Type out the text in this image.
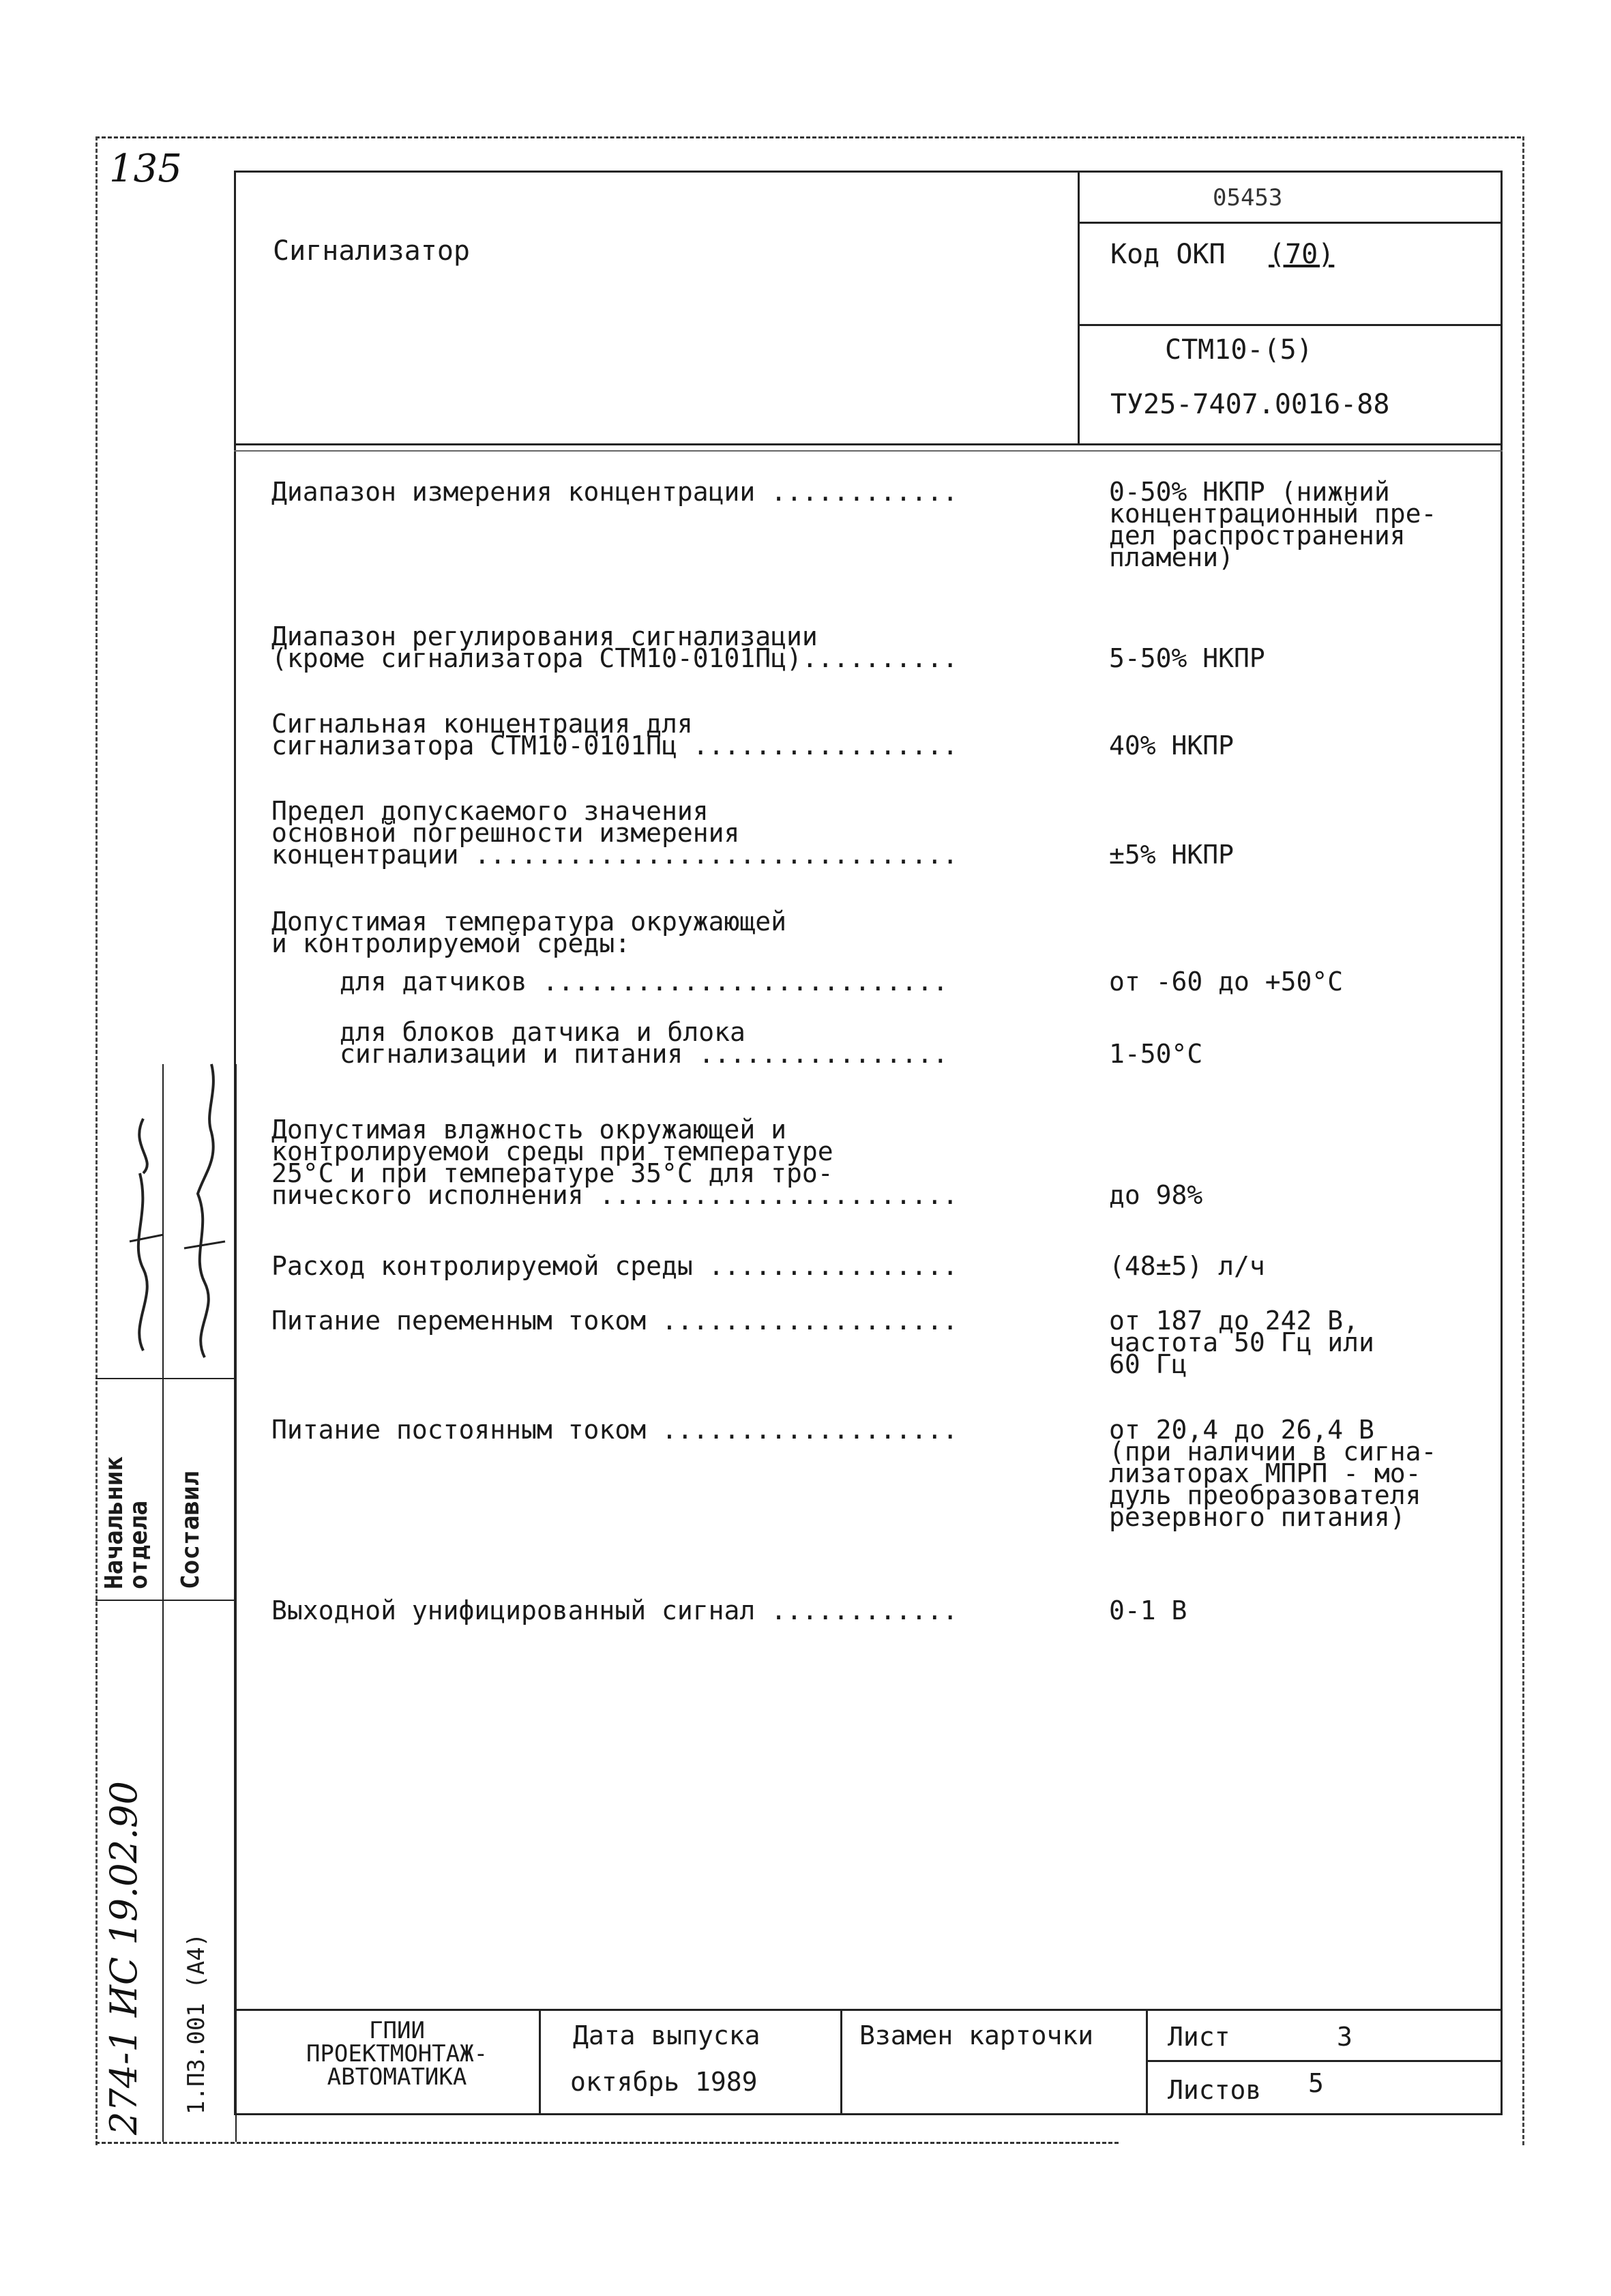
135
Сигнализатор
05453
Код ОКП (70)
СТМ10-(5)
ТУ25-7407.0016-88
Диапазон измерения концентрации ............	0-50% НКПР (нижний
концентрационный пре-
дел распространения
пламени)
Диапазон регулирования сигнализации
(кроме сигнализатора СТМ10-0101Пц)..........	5-50% НКПР
Сигнальная концентрация для
сигнализатора СТМ10-0101Пц .................	40% НКПР
Предел допускаемого значения
основной погрешности измерения
концентрации ...............................	±5% НКПР
Допустимая температура окружающей
и контролируемой среды:
для датчиков ..........................	от -60 до +50°С
для блоков датчика и блока
сигнализации и питания ................	1-50°С
Допустимая влажность окружающей и
контролируемой среды при температуре
25°С и при температуре 35°С для тро-
пического исполнения .......................	до 98%
Расход контролируемой среды ................	(48±5) л/ч
Питание переменным током ...................	от 187 до 242 В,
частота 50 Гц или
60 Гц
Питание постоянным током ...................	от 20,4 до 26,4 В
(при наличии в сигна-
лизаторах МПРП - мо-
дуль преобразователя
резервного питания)
Выходной унифицированный сигнал ............	0-1 В
Начальник
отдела Составил
1.ПЗ.001 (А4)
274-1 ИС 19.02.90	ГПИИ
ПРОЕКТМОНТАЖ-
АВТОМАТИКА
Дата выпуска
октябрь 1989
Взамен карточки	Лист	3
Листов 5
